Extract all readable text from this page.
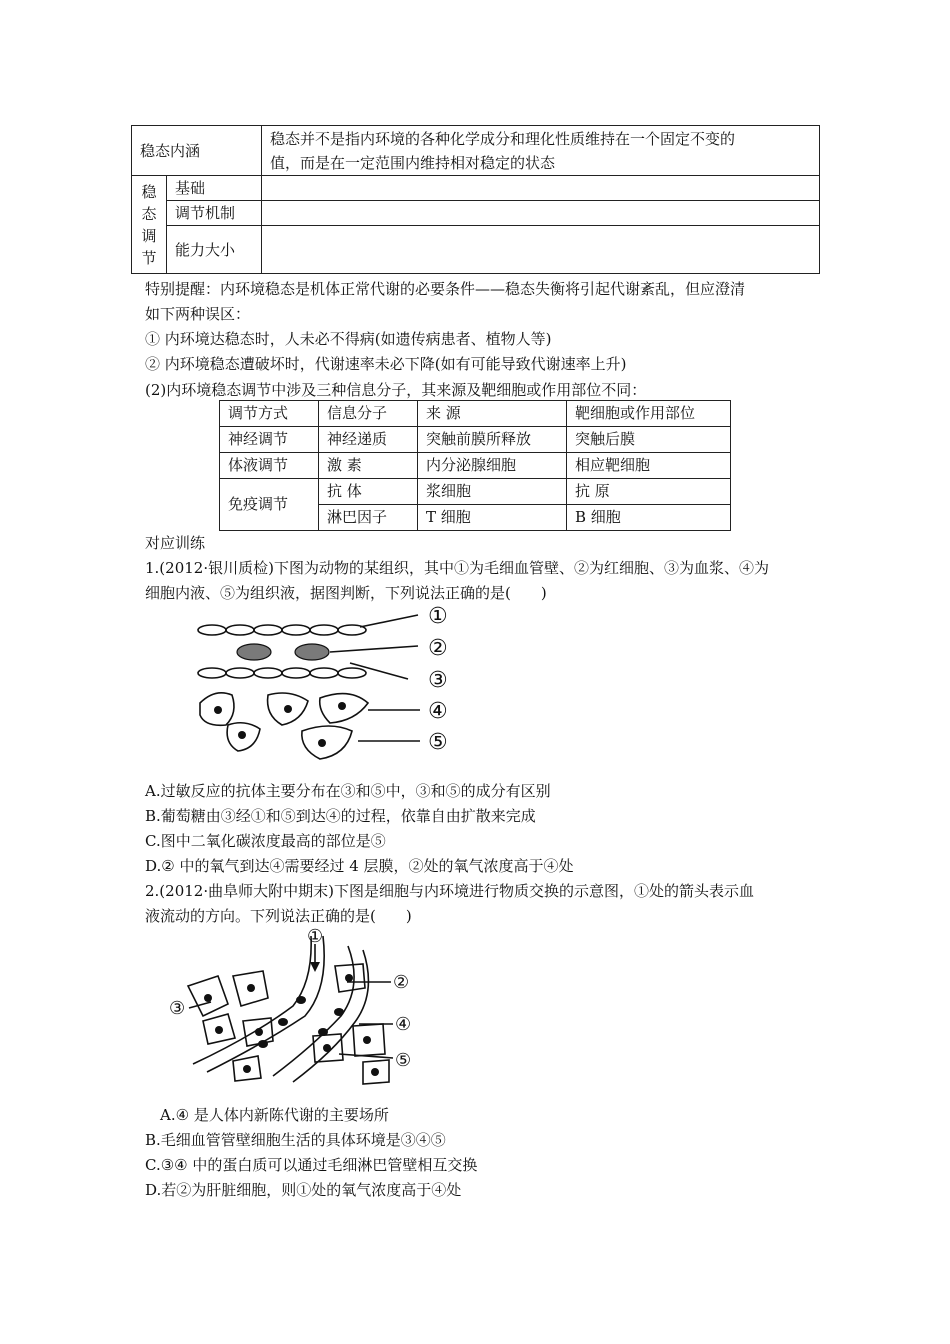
稳态内涵		稳态并不是指内环境的各种化学成分和理化性质维持在一个固定不变的
值，而是在一定范围内维持相对稳定的状态

稳
态
调
节	基础	
	调节机制	
	能力大小	
特别提醒：内环境稳态是机体正常代谢的必要条件——稳态失衡将引起代谢紊乱，但应澄清
如下两种误区：
① 内环境达稳态时，人未必不得病(如遗传病患者、植物人等)
② 内环境稳态遭破坏时，代谢速率未必下降(如有可能导致代谢速率上升)
(2)内环境稳态调节中涉及三种信息分子，其来源及靶细胞或作用部位不同：
调节方式	信息分子	来 源	靶细胞或作用部位
神经调节	神经递质	突触前膜所释放	突触后膜
体液调节	激 素	内分泌腺细胞	相应靶细胞
免疫调节	抗 体	浆细胞	抗 原
	淋巴因子	T 细胞	B 细胞
对应训练
1.(2012·银川质检)下图为动物的某组织，其中①为毛细血管壁、②为红细胞、③为血浆、④为
细胞内液、⑤为组织液，据图判断，下列说法正确的是(　　)
①
②
③
④
⑤
A.过敏反应的抗体主要分布在③和⑤中，③和⑤的成分有区别
B.葡萄糖由③经①和⑤到达④的过程，依靠自由扩散来完成
C.图中二氧化碳浓度最高的部位是⑤
D.② 中的氧气到达④需要经过 4 层膜，②处的氧气浓度高于④处
2.(2012·曲阜师大附中期末)下图是细胞与内环境进行物质交换的示意图，①处的箭头表示血
液流动的方向。下列说法正确的是(　　)
①
②
③
④
⑤
A.④ 是人体内新陈代谢的主要场所
B.毛细血管管壁细胞生活的具体环境是③④⑤
C.③④ 中的蛋白质可以通过毛细淋巴管壁相互交换
D.若②为肝脏细胞，则①处的氧气浓度高于④处
